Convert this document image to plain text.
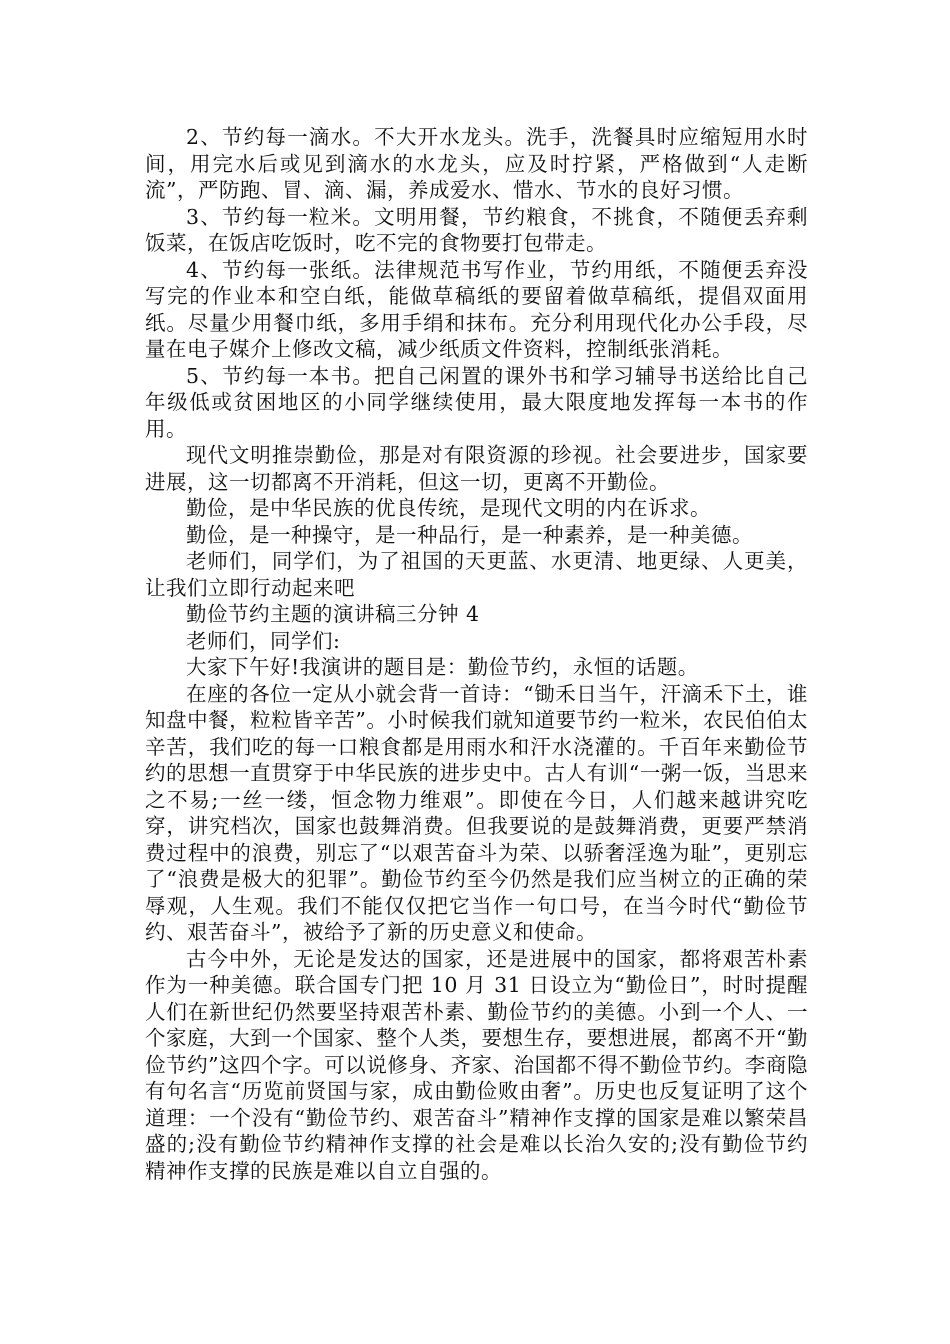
2、节约每一滴水。不大开水龙头。洗手，洗餐具时应缩短用水时间，用完水后或见到滴水的水龙头，应及时拧紧，严格做到“人走断流”，严防跑、冒、滴、漏，养成爱水、惜水、节水的良好习惯。

3、节约每一粒米。文明用餐，节约粮食，不挑食，不随便丢弃剩饭菜，在饭店吃饭时，吃不完的食物要打包带走。

4、节约每一张纸。法律规范书写作业，节约用纸，不随便丢弃没写完的作业本和空白纸，能做草稿纸的要留着做草稿纸，提倡双面用纸。尽量少用餐巾纸，多用手绢和抹布。充分利用现代化办公手段，尽量在电子媒介上修改文稿，减少纸质文件资料，控制纸张消耗。

5、节约每一本书。把自己闲置的课外书和学习辅导书送给比自己年级低或贫困地区的小同学继续使用，最大限度地发挥每一本书的作用。

现代文明推崇勤俭，那是对有限资源的珍视。社会要进步，国家要进展，这一切都离不开消耗，但这一切，更离不开勤俭。

勤俭，是中华民族的优良传统，是现代文明的内在诉求。

勤俭，是一种操守，是一种品行，是一种素养，是一种美德。

老师们，同学们，为了祖国的天更蓝、水更清、地更绿、人更美，让我们立即行动起来吧

勤俭节约主题的演讲稿三分钟 4

老师们，同学们:

大家下午好!我演讲的题目是：勤俭节约，永恒的话题。

在座的各位一定从小就会背一首诗：“锄禾日当午，汗滴禾下土，谁知盘中餐，粒粒皆辛苦”。小时候我们就知道要节约一粒米，农民伯伯太辛苦，我们吃的每一口粮食都是用雨水和汗水浇灌的。千百年来勤俭节约的思想一直贯穿于中华民族的进步史中。古人有训“一粥一饭，当思来之不易;一丝一缕，恒念物力维艰”。即使在今日，人们越来越讲究吃穿，讲究档次，国家也鼓舞消费。但我要说的是鼓舞消费，更要严禁消费过程中的浪费，别忘了“以艰苦奋斗为荣、以骄奢淫逸为耻”，更别忘了“浪费是极大的犯罪”。勤俭节约至今仍然是我们应当树立的正确的荣辱观，人生观。我们不能仅仅把它当作一句口号，在当今时代“勤俭节约、艰苦奋斗”，被给予了新的历史意义和使命。

古今中外，无论是发达的国家，还是进展中的国家，都将艰苦朴素作为一种美德。联合国专门把 10 月 31 日设立为“勤俭日”，时时提醒人们在新世纪仍然要坚持艰苦朴素、勤俭节约的美德。小到一个人、一个家庭，大到一个国家、整个人类，要想生存，要想进展，都离不开“勤俭节约”这四个字。可以说修身、齐家、治国都不得不勤俭节约。李商隐有句名言“历览前贤国与家，成由勤俭败由奢”。历史也反复证明了这个道理：一个没有“勤俭节约、艰苦奋斗”精神作支撑的国家是难以繁荣昌盛的;没有勤俭节约精神作支撑的社会是难以长治久安的;没有勤俭节约精神作支撑的民族是难以自立自强的。
